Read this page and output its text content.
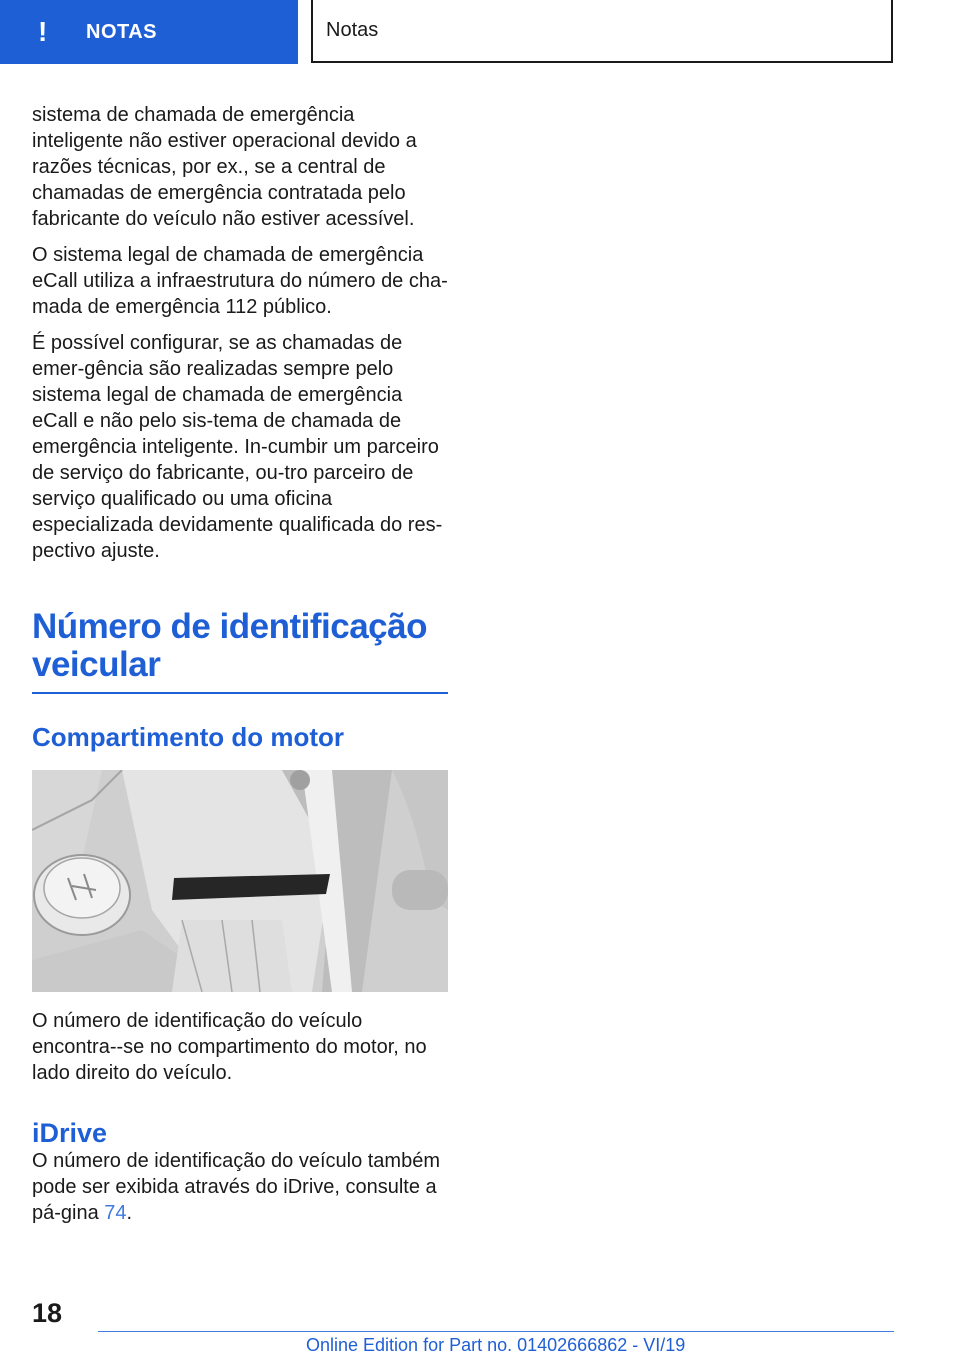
!	NOTAS	Notas

sistema de chamada de emergência inteligente não estiver operacional devido a razões técnicas, por ex., se a central de chamadas de emergência contratada pelo fabricante do veículo não estiver acessível.

O sistema legal de chamada de emergência eCall utiliza a infraestrutura do número de cha-mada de emergência 112 público.

É possível configurar, se as chamadas de emer-gência são realizadas sempre pelo sistema legal de chamada de emergência eCall e não pelo sis-tema de chamada de emergência inteligente. In-cumbir um parceiro de serviço do fabricante, ou-tro parceiro de serviço qualificado ou uma oficina especializada devidamente qualificada do res-pectivo ajuste.

Número de identificação veicular
Compartimento do motor

O número de identificação do veículo encontra--se no compartimento do motor, no lado direito do veículo.

iDrive

O número de identificação do veículo também pode ser exibida através do iDrive, consulte a pá-gina 74.

18
Online Edition for Part no. 01402666862 - VI/19
